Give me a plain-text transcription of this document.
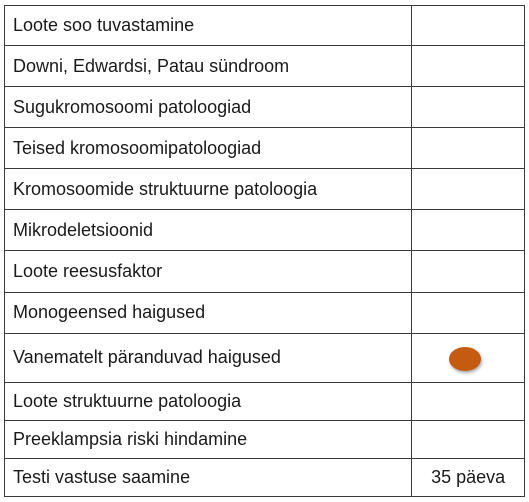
Loote soo tuvastamine	
Downi, Edwardsi, Patau sündroom	
Sugukromosoomi patoloogiad	
Teised kromosoomipatoloogiad	
Kromosoomide struktuurne patoloogia	
Mikrodeletsioonid	
Loote reesusfaktor	
Monogeensed haigused	
Vanematelt päranduvad haigused	
Loote struktuurne patoloogia	
Preeklampsia riski hindamine	
Testi vastuse saamine	35 päeva
